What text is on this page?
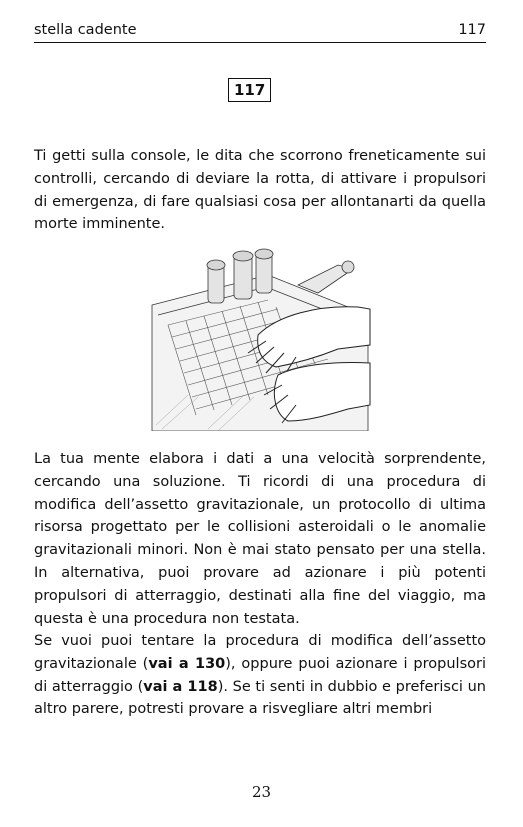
stella cadente	117
117

Ti getti sulla console, le dita che scorrono freneticamente sui controlli, cercando di deviare la rotta, di attivare i propulsori di emergenza, di fare qualsiasi cosa per allontanarti da quella morte imminente.

La tua mente elabora i dati a una velocità sorprendente, cercando una soluzione. Ti ricordi di una procedura di modifica dell’assetto gravitazionale, un protocollo di ultima risorsa progettato per le collisioni asteroidali o le anomalie gravitazionali minori. Non è mai stato pensato per una stella. In alternativa, puoi provare ad azionare i più potenti propulsori di atterraggio, destinati alla fine del viaggio, ma questa è una procedura non testata.

Se vuoi puoi tentare la procedura di modifica dell’assetto gravitazionale (vai a 130), oppure puoi azionare i propulsori di atterraggio (vai a 118). Se ti senti in dubbio e preferisci un altro parere, potresti provare a risvegliare altri membri

23
